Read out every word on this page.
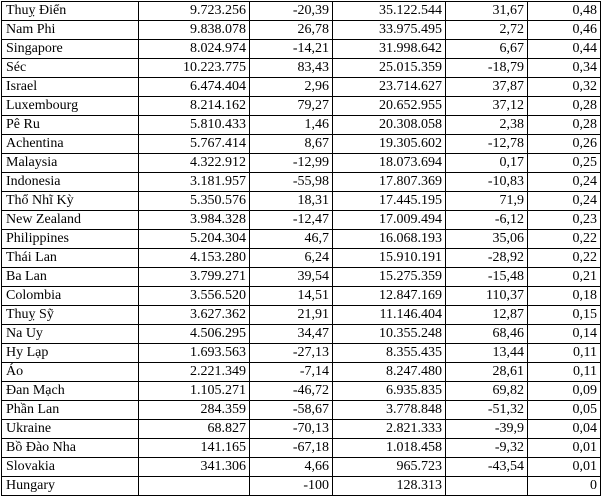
Thuỵ Điển	9.723.256	-20,39	35.122.544	31,67	0,48
Nam Phi	9.838.078	26,78	33.975.495	2,72	0,46
Singapore	8.024.974	-14,21	31.998.642	6,67	0,44
Séc	10.223.775	83,43	25.015.359	-18,79	0,34
Israel	6.474.404	2,96	23.714.627	37,87	0,32
Luxembourg	8.214.162	79,27	20.652.955	37,12	0,28
Pê Ru	5.810.433	1,46	20.308.058	2,38	0,28
Achentina	5.767.414	8,67	19.305.602	-12,78	0,26
Malaysia	4.322.912	-12,99	18.073.694	0,17	0,25
Indonesia	3.181.957	-55,98	17.807.369	-10,83	0,24
Thổ Nhĩ Kỳ	5.350.576	18,31	17.445.195	71,9	0,24
New Zealand	3.984.328	-12,47	17.009.494	-6,12	0,23
Philippines	5.204.304	46,7	16.068.193	35,06	0,22
Thái Lan	4.153.280	6,24	15.910.191	-28,92	0,22
Ba Lan	3.799.271	39,54	15.275.359	-15,48	0,21
Colombia	3.556.520	14,51	12.847.169	110,37	0,18
Thuỵ Sỹ	3.627.362	21,91	11.146.404	12,87	0,15
Na Uy	4.506.295	34,47	10.355.248	68,46	0,14
Hy Lạp	1.693.563	-27,13	8.355.435	13,44	0,11
Áo	2.221.349	-7,14	8.247.480	28,61	0,11
Đan Mạch	1.105.271	-46,72	6.935.835	69,82	0,09
Phần Lan	284.359	-58,67	3.778.848	-51,32	0,05
Ukraine	68.827	-70,13	2.821.333	-39,9	0,04
Bồ Đào Nha	141.165	-67,18	1.018.458	-9,32	0,01
Slovakia	341.306	4,66	965.723	-43,54	0,01
Hungary		-100	128.313		0
